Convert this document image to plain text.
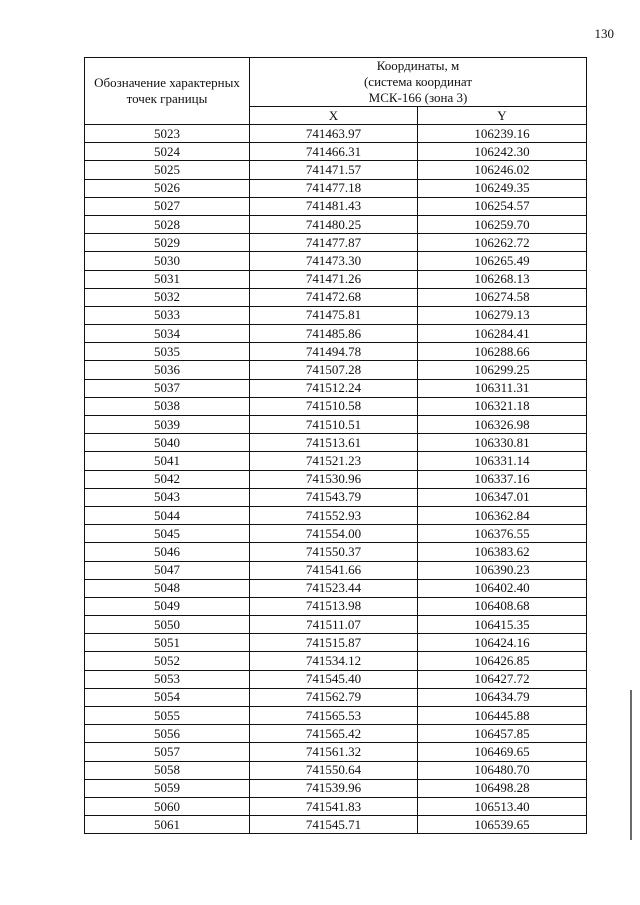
130
Обозначение характерных точек границы	Координаты, м
(система координат
МСК-166 (зона 3)	

	X	Y
5023	741463.97	106239.16
5024	741466.31	106242.30
5025	741471.57	106246.02
5026	741477.18	106249.35
5027	741481.43	106254.57
5028	741480.25	106259.70
5029	741477.87	106262.72
5030	741473.30	106265.49
5031	741471.26	106268.13
5032	741472.68	106274.58
5033	741475.81	106279.13
5034	741485.86	106284.41
5035	741494.78	106288.66
5036	741507.28	106299.25
5037	741512.24	106311.31
5038	741510.58	106321.18
5039	741510.51	106326.98
5040	741513.61	106330.81
5041	741521.23	106331.14
5042	741530.96	106337.16
5043	741543.79	106347.01
5044	741552.93	106362.84
5045	741554.00	106376.55
5046	741550.37	106383.62
5047	741541.66	106390.23
5048	741523.44	106402.40
5049	741513.98	106408.68
5050	741511.07	106415.35
5051	741515.87	106424.16
5052	741534.12	106426.85
5053	741545.40	106427.72
5054	741562.79	106434.79
5055	741565.53	106445.88
5056	741565.42	106457.85
5057	741561.32	106469.65
5058	741550.64	106480.70
5059	741539.96	106498.28
5060	741541.83	106513.40
5061	741545.71	106539.65
